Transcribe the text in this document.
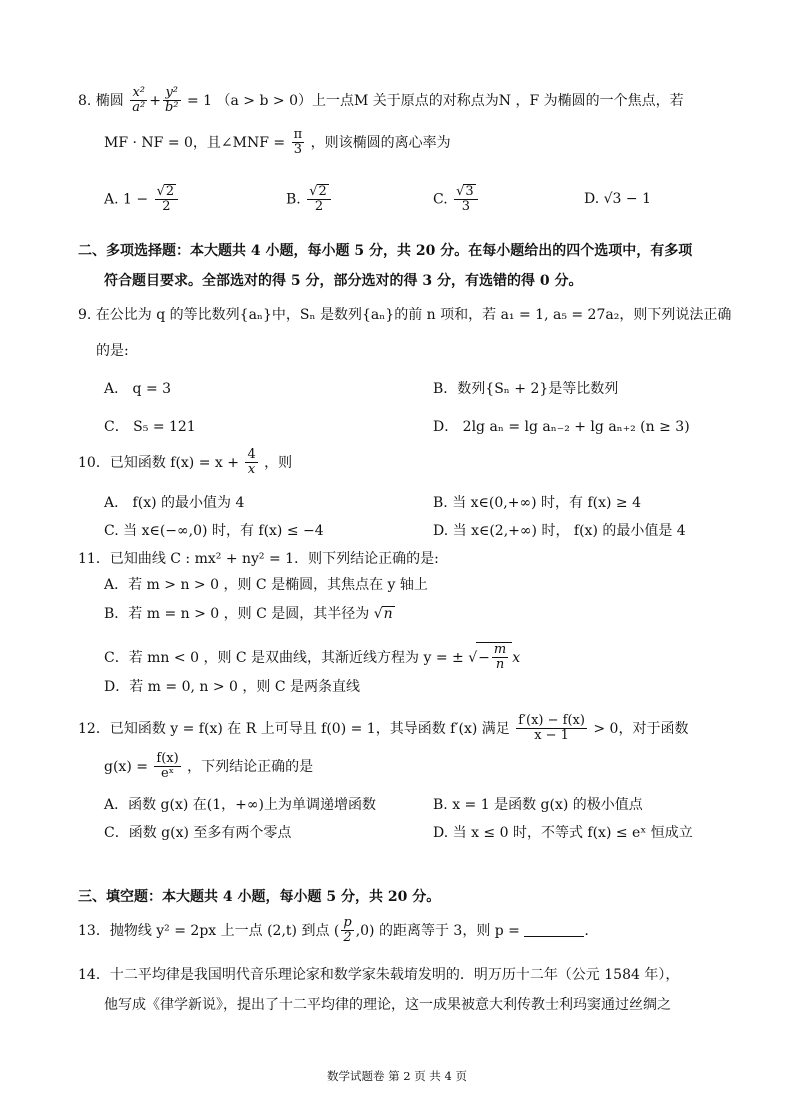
8. 椭圆 $\frac{\text{x²}}{\text{a²}} + \frac{\text{y²}}{\text{b²}} = 1$ （a > b > 0）上一点M 关于原点的对称点为N ，F 为椭圆的一个焦点，若
MF · NF = 0，且∠MNF = $\frac{\pi}{3}$ ，则该椭圆的离心率为
A. $1 - \frac{√2}{2}$	B. $\frac{√2}{2}$	C. $\frac{√3}{3}$	D. √3 − 1
二、多项选择题：本大题共 4 小题，每小题 5 分，共 20 分。在每小题给出的四个选项中，有多项
符合题目要求。全部选对的得 5 分，部分选对的得 3 分，有选错的得 0 分。
9. 在公比为 q 的等比数列{aₙ}中，Sₙ 是数列{aₙ}的前 n 项和，若 a₁ = 1, a₅ = 27a₂，则下列说法正确
的是:
A． q = 3	B．数列{Sₙ + 2}是等比数列
C． S₅ = 121	D． 2lg aₙ = lg aₙ₋₂ + lg aₙ₊₂ (n ≥ 3)
10．已知函数 $f(x) = x + \frac{4}{x}$ ，则
A． f(x) 的最小值为 4	B. 当 x∈(0,+∞) 时，有 f(x) ≥ 4
C. 当 x∈(−∞,0) 时，有 f(x) ≤ −4	D. 当 x∈(2,+∞) 时， f(x) 的最小值是 4
11．已知曲线 C : mx² + ny² = 1．则下列结论正确的是:
A．若 m > n > 0 ，则 C 是椭圆，其焦点在 y 轴上
B．若 m = n > 0 ，则 C 是圆，其半径为 √n
C．若 mn < 0 ，则 C 是双曲线，其渐近线方程为 y = ± √− $\frac{m}{n}$ x
D．若 m = 0, n > 0 ，则 C 是两条直线
12．已知函数 y = f(x) 在 R 上可导且 f(0) = 1，其导函数 f′(x) 满足 $\frac{f'(x) - f(x)}{x - 1} > 0$，对于函数
$g(x) = \frac{f(x)}{\text{eˣ}}$ ，下列结论正确的是
A．函数 g(x) 在(1，+∞)上为单调递增函数	B. x = 1 是函数 g(x) 的极小值点
C．函数 g(x) 至多有两个零点	D. 当 x ≤ 0 时，不等式 f(x) ≤ eˣ 恒成立
三、填空题：本大题共 4 小题，每小题 5 分，共 20 分。
13．抛物线 y² = 2px 上一点 (2,t) 到点 ( $\frac{p}{2} ,0$) 的距离等于 3，则 p =	.
14．十二平均律是我国明代音乐理论家和数学家朱载堉发明的．明万历十二年（公元 1584 年），
他写成《律学新说》，提出了十二平均律的理论，这一成果被意大利传教士利玛窦通过丝绸之
数学试题卷 第 2 页 共 4 页
